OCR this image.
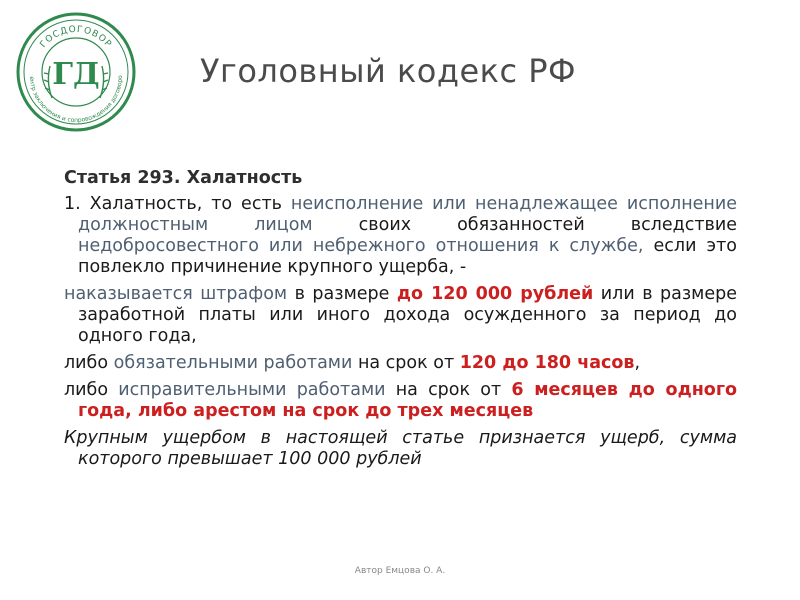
ГОСДОГОВОР
ентр заключения и сопровождения договоро
ГД	Уголовный кодекс РФ
Статья 293. Халатность

1. Халатность, то есть неисполнение или ненадлежащее исполнение должностным лицом своих обязанностей вследствие недобросовестного или небрежного отношения к службе, если это повлекло причинение крупного ущерба, -

наказывается штрафом в размере до 120 000 рублей или в размере заработной платы или иного дохода осужденного за период до одного года,

либо обязательными работами на срок от 120 до 180 часов,

либо исправительными работами на срок от 6 месяцев до одного года, либо арестом на срок до трех месяцев

Крупным ущербом в настоящей статье признается ущерб, сумма которого превышает 100 000 рублей

Автор Емцова О. А.
